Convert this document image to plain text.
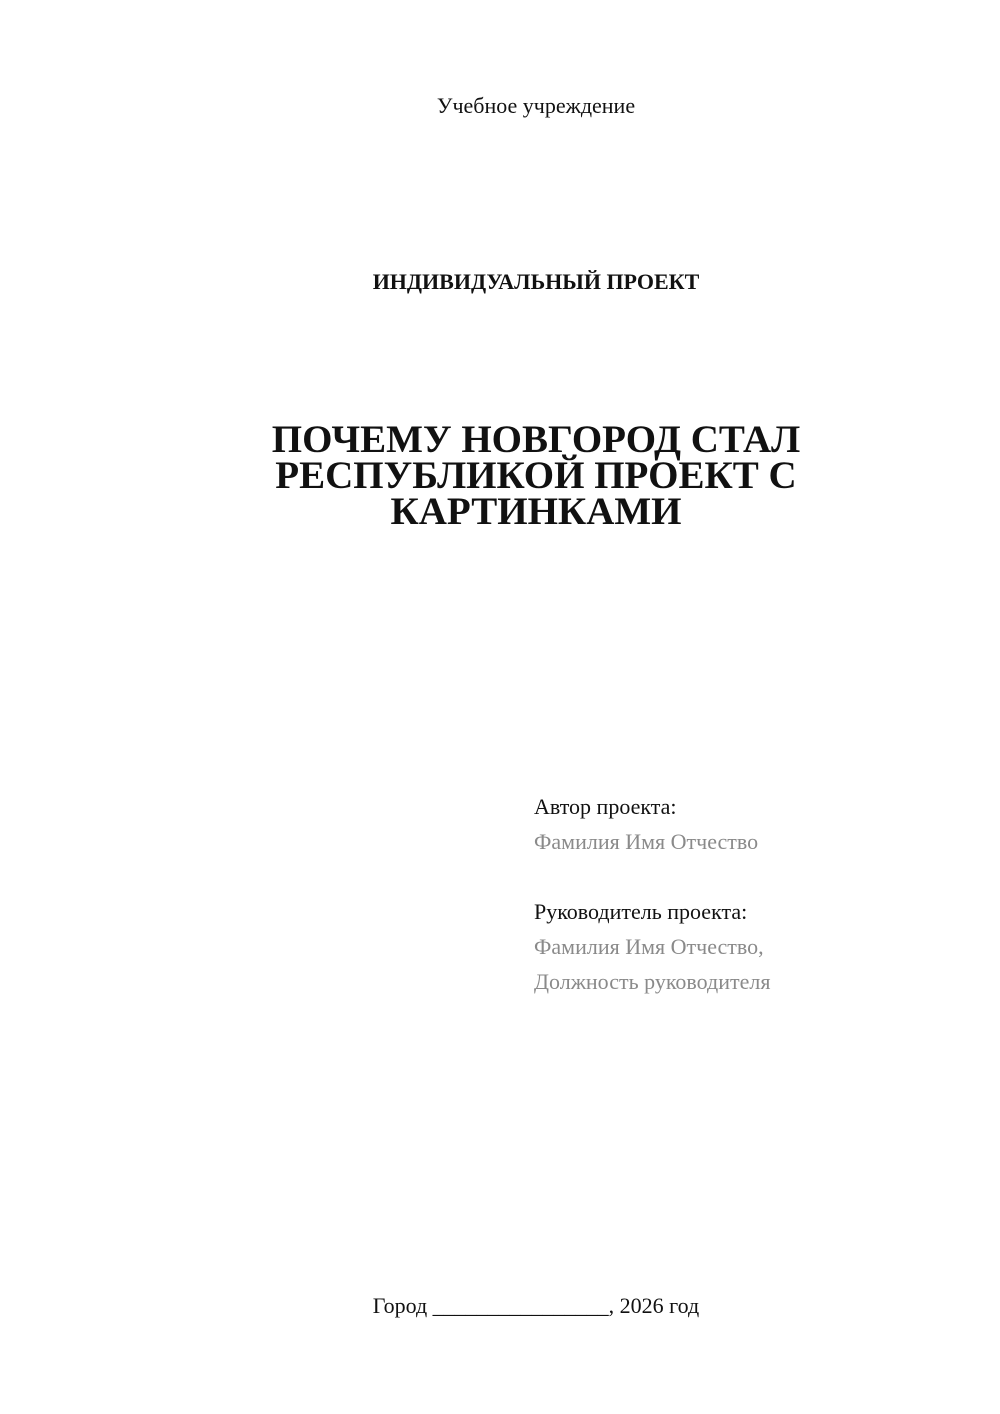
Учебное учреждение
ИНДИВИДУАЛЬНЫЙ ПРОЕКТ
ПОЧЕМУ НОВГОРОД СТАЛ
РЕСПУБЛИКОЙ ПРОЕКТ С
КАРТИНКАМИ
Автор проекта:
Фамилия Имя Отчество
Руководитель проекта:
Фамилия Имя Отчество,
Должность руководителя
Город ________________, 2026 год
